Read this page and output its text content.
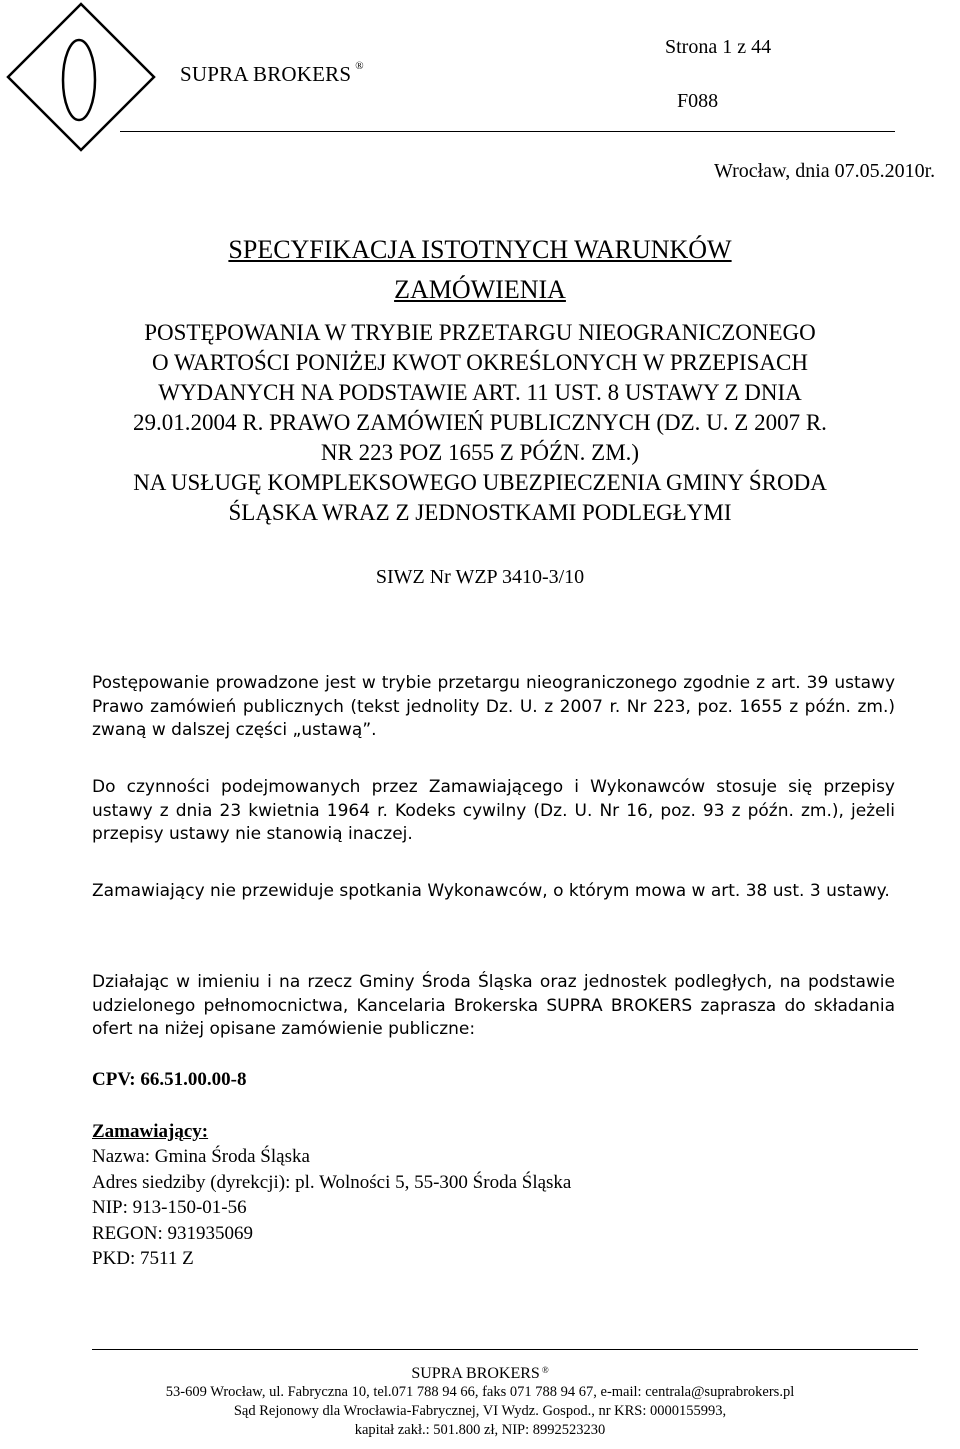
SUPRA BROKERS ®
Strona 1 z 44
F088
Wrocław, dnia 07.05.2010r.
SPECYFIKACJA ISTOTNYCH WARUNKÓW
ZAMÓWIENIA
POSTĘPOWANIA W TRYBIE PRZETARGU NIEOGRANICZONEGO
O WARTOŚCI PONIŻEJ KWOT OKREŚLONYCH W PRZEPISACH
WYDANYCH NA PODSTAWIE ART. 11 UST. 8 USTAWY Z DNIA
29.01.2004 R. PRAWO ZAMÓWIEŃ PUBLICZNYCH (DZ. U. Z 2007 R.
NR 223 POZ 1655 Z PÓŹN. ZM.)
NA USŁUGĘ KOMPLEKSOWEGO UBEZPIECZENIA GMINY ŚRODA
ŚLĄSKA WRAZ Z JEDNOSTKAMI PODLEGŁYMI
SIWZ Nr WZP 3410-3/10
Postępowanie prowadzone jest w trybie przetargu nieograniczonego zgodnie z art. 39 ustawy Prawo zamówień publicznych (tekst jednolity Dz. U. z 2007 r. Nr 223, poz. 1655 z późn. zm.) zwaną w dalszej części „ustawą”.
Do czynności podejmowanych przez Zamawiającego i Wykonawców stosuje się przepisy ustawy z dnia 23 kwietnia 1964 r. Kodeks cywilny (Dz. U. Nr 16, poz. 93 z późn. zm.), jeżeli przepisy ustawy nie stanowią inaczej.
Zamawiający nie przewiduje spotkania Wykonawców, o którym mowa w art. 38 ust. 3 ustawy.
Działając w imieniu i na rzecz Gminy Środa Śląska oraz jednostek podległych, na podstawie udzielonego pełnomocnictwa, Kancelaria Brokerska SUPRA BROKERS zaprasza do składania ofert na niżej opisane zamówienie publiczne:
CPV: 66.51.00.00-8
Zamawiający:
Nazwa: Gmina Środa Śląska
Adres siedziby (dyrekcji): pl. Wolności 5, 55-300 Środa Śląska
NIP: 913-150-01-56
REGON: 931935069
PKD: 7511 Z
SUPRA BROKERS ®
53-609 Wrocław, ul. Fabryczna 10, tel.071 788 94 66, faks 071 788 94 67, e-mail: centrala@suprabrokers.pl
Sąd Rejonowy dla Wrocławia-Fabrycznej, VI Wydz. Gospod., nr KRS: 0000155993,
kapitał zakł.: 501.800 zł, NIP: 8992523230
